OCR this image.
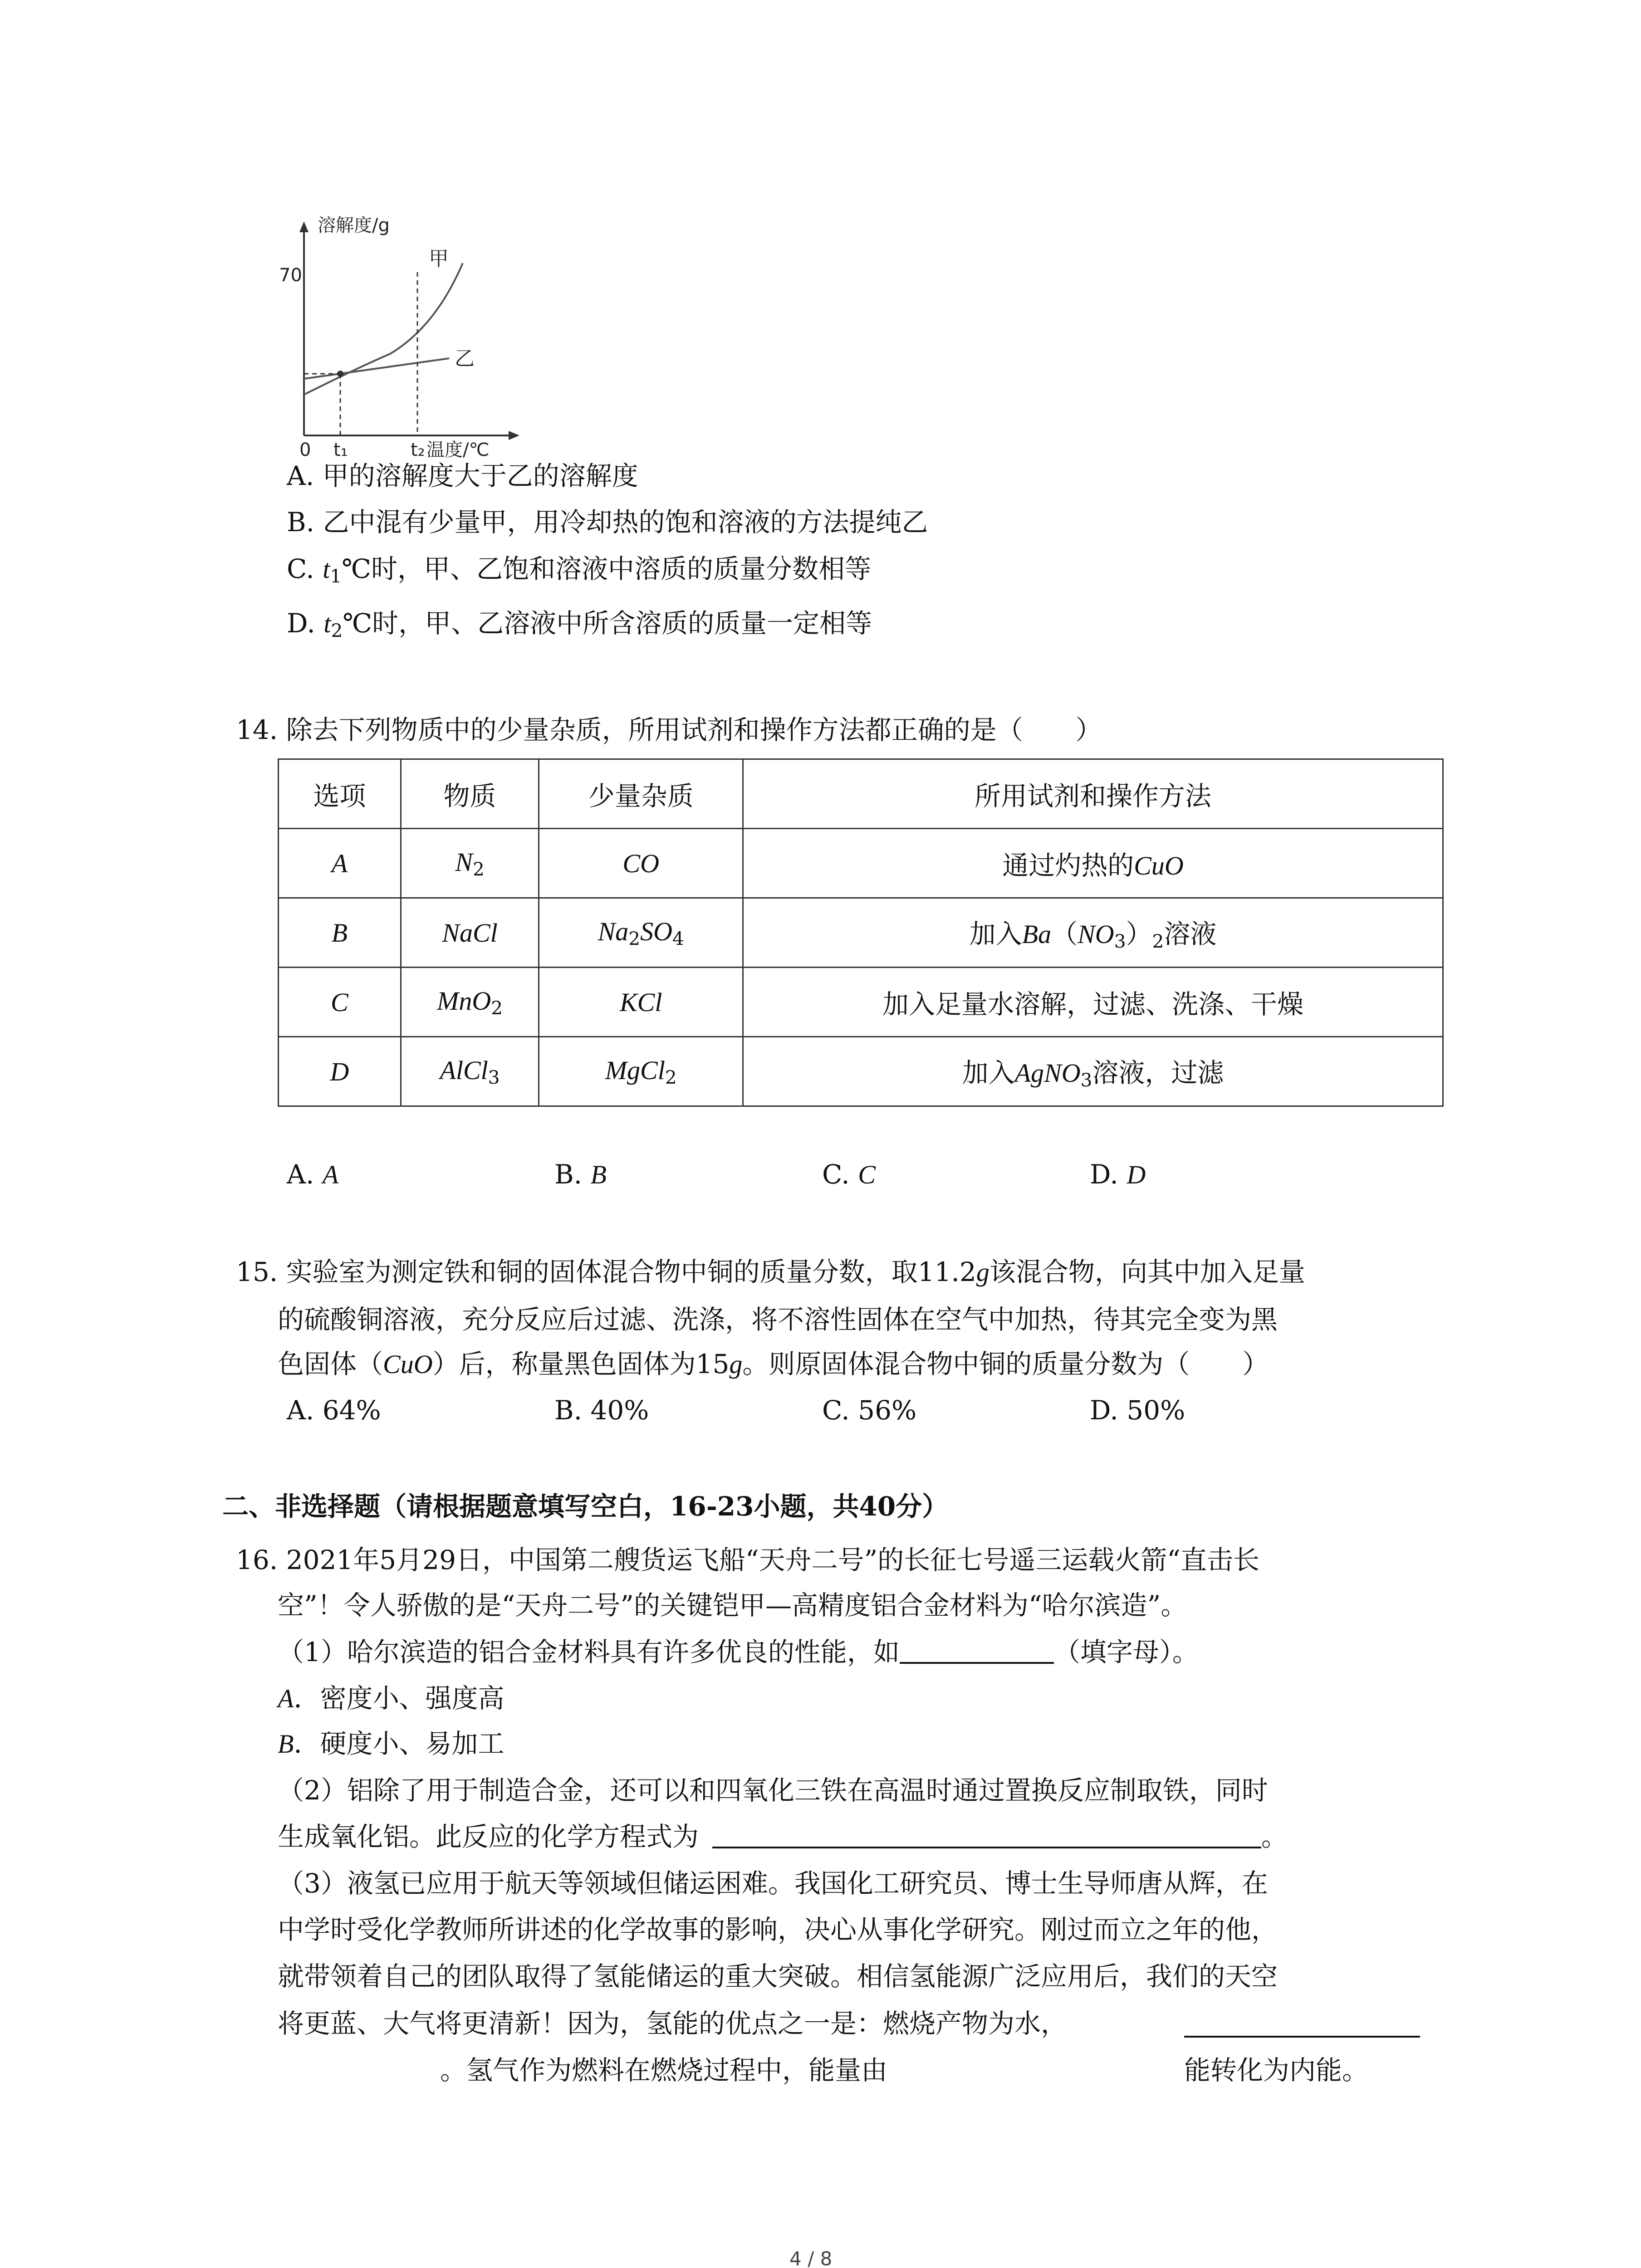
溶解度/g
70
0 t₁	t₂ 温度/℃
甲
乙
A. 甲的溶解度大于乙的溶解度
B. 乙中混有少量甲，用冷却热的饱和溶液的方法提纯乙
C. $t_1℃$时，甲、乙饱和溶液中溶质的质量分数相等
D. $t_2℃$时，甲、乙溶液中所含溶质的质量一定相等
14. 除去下列物质中的少量杂质，所用试剂和操作方法都正确的是（　　）
选项	物质	少量杂质	所用试剂和操作方法
A	$N_2$	CO	通过灼热的CuO
B	NaCl	$Na_2SO_4$	加入$Ba(NO_3)_2$溶液
C	MnO$_2$	KCl	加入足量水溶解，过滤、洗涤、干燥
D	AlCl$_3$	MgCl$_2$	加入AgNO$_3$溶液，过滤
A. A	B. B	C. C	D. D
15. 实验室为测定铁和铜的固体混合物中铜的质量分数，取11.2g该混合物，向其中加入足量
的硫酸铜溶液，充分反应后过滤、洗涤，将不溶性固体在空气中加热，待其完全变为黑
色固体（CuO）后，称量黑色固体为15g。则原固体混合物中铜的质量分数为（　　）
A. 64%	B. 40%	C. 56%	D. 50%
二、非选择题（请根据题意填写空白，16-23小题，共40分）
16. 2021年5月29日，中国第二艘货运飞船“天舟二号”的长征七号遥三运载火箭“直击长
空”！令人骄傲的是“天舟二号”的关键铠甲—高精度铝合金材料为“哈尔滨造”。
（1）哈尔滨造的铝合金材料具有许多优良的性能，如	（填字母）。
A．密度小、强度高
B．硬度小、易加工
（2）铝除了用于制造合金，还可以和四氧化三铁在高温时通过置换反应制取铁，同时
生成氧化铝。此反应的化学方程式为	。
（3）液氢已应用于航天等领域但储运困难。我国化工研究员、博士生导师唐从辉，在
中学时受化学教师所讲述的化学故事的影响，决心从事化学研究。刚过而立之年的他，
就带领着自己的团队取得了氢能储运的重大突破。相信氢能源广泛应用后，我们的天空
将更蓝、大气将更清新！因为，氢能的优点之一是：燃烧产物为水，
。氢气作为燃料在燃烧过程中，能量由	能转化为内能。
4 / 8
